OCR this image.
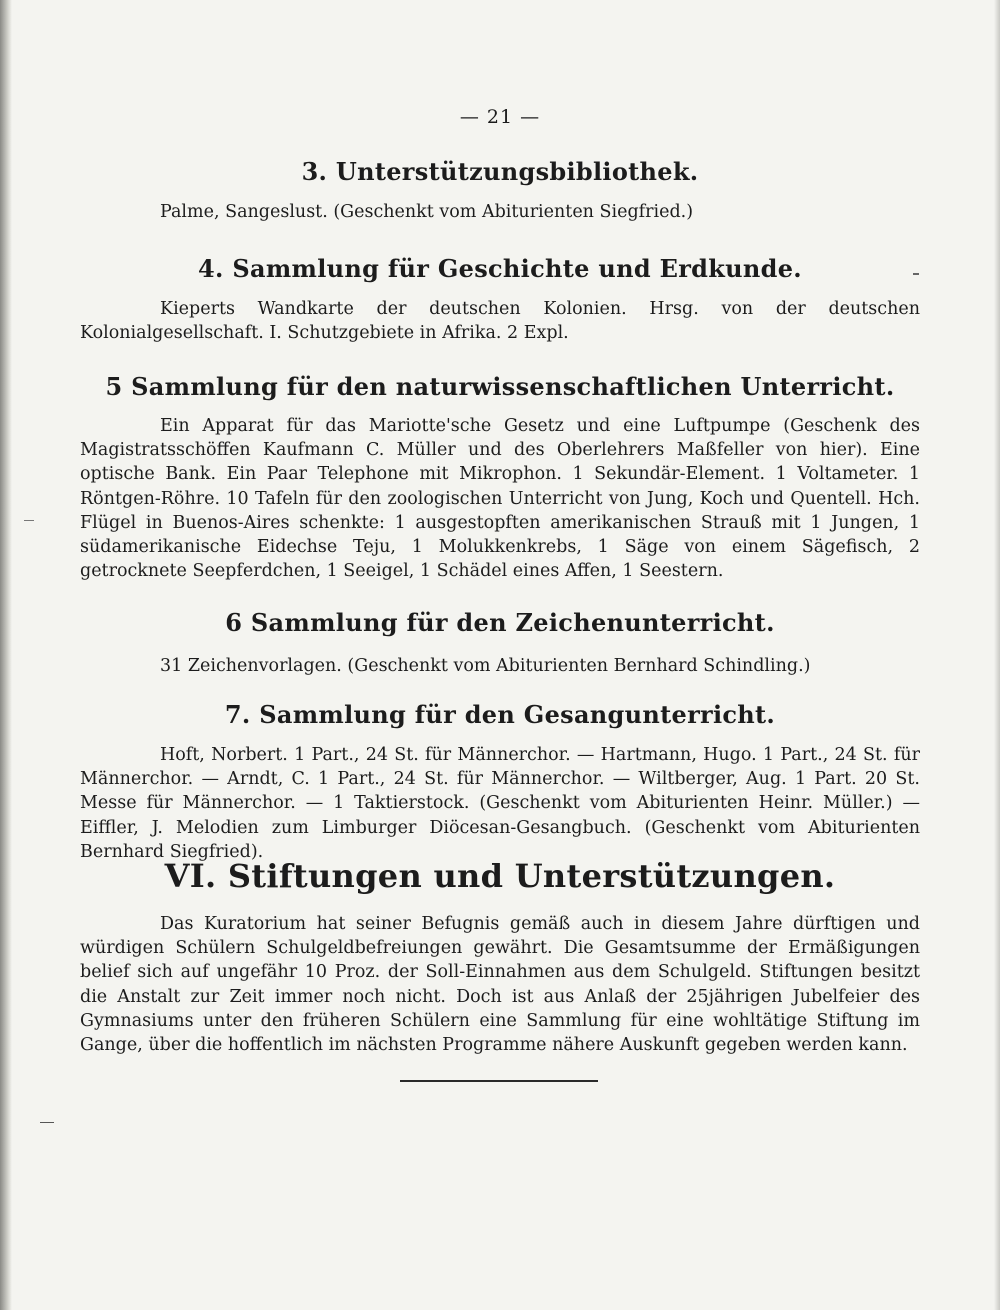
— 21 —
3. Unterstützungsbibliothek.

Palme, Sangeslust. (Geschenkt vom Abiturienten Siegfried.)

4. Sammlung für Geschichte und Erdkunde.

Kieperts Wandkarte der deutschen Kolonien. Hrsg. von der deutschen Kolonialgesellschaft. I. Schutzgebiete in Afrika. 2 Expl.

5 Sammlung für den naturwissenschaftlichen Unterricht.

Ein Apparat für das Mariotte'sche Gesetz und eine Luftpumpe (Geschenk des Magistratsschöffen Kaufmann C. Müller und des Oberlehrers Maßfeller von hier). Eine optische Bank. Ein Paar Telephone mit Mikrophon. 1 Sekundär-Element. 1 Voltameter. 1 Röntgen-Röhre. 10 Tafeln für den zoologischen Unterricht von Jung, Koch und Quentell. Hch. Flügel in Buenos-Aires schenkte: 1 ausgestopften amerikanischen Strauß mit 1 Jungen, 1 südamerikanische Eidechse Teju, 1 Molukkenkrebs, 1 Säge von einem Sägefisch, 2 getrocknete Seepferdchen, 1 Seeigel, 1 Schädel eines Affen, 1 Seestern.

6 Sammlung für den Zeichenunterricht.

31 Zeichenvorlagen. (Geschenkt vom Abiturienten Bernhard Schindling.)

7. Sammlung für den Gesangunterricht.

Hoft, Norbert. 1 Part., 24 St. für Männerchor. — Hartmann, Hugo. 1 Part., 24 St. für Männerchor. — Arndt, C. 1 Part., 24 St. für Männerchor. — Wiltberger, Aug. 1 Part. 20 St. Messe für Männerchor. — 1 Taktierstock. (Geschenkt vom Abiturienten Heinr. Müller.) — Eiffler, J. Melodien zum Limburger Diöcesan-Gesangbuch. (Geschenkt vom Abiturienten Bernhard Siegfried).

VI. Stiftungen und Unterstützungen.

Das Kuratorium hat seiner Befugnis gemäß auch in diesem Jahre dürftigen und würdigen Schülern Schulgeldbefreiungen gewährt. Die Gesamtsumme der Ermäßigungen belief sich auf ungefähr 10 Proz. der Soll-Einnahmen aus dem Schulgeld. Stiftungen besitzt die Anstalt zur Zeit immer noch nicht. Doch ist aus Anlaß der 25jährigen Jubelfeier des Gymnasiums unter den früheren Schülern eine Sammlung für eine wohltätige Stiftung im Gange, über die hoffentlich im nächsten Programme nähere Auskunft gegeben werden kann.
